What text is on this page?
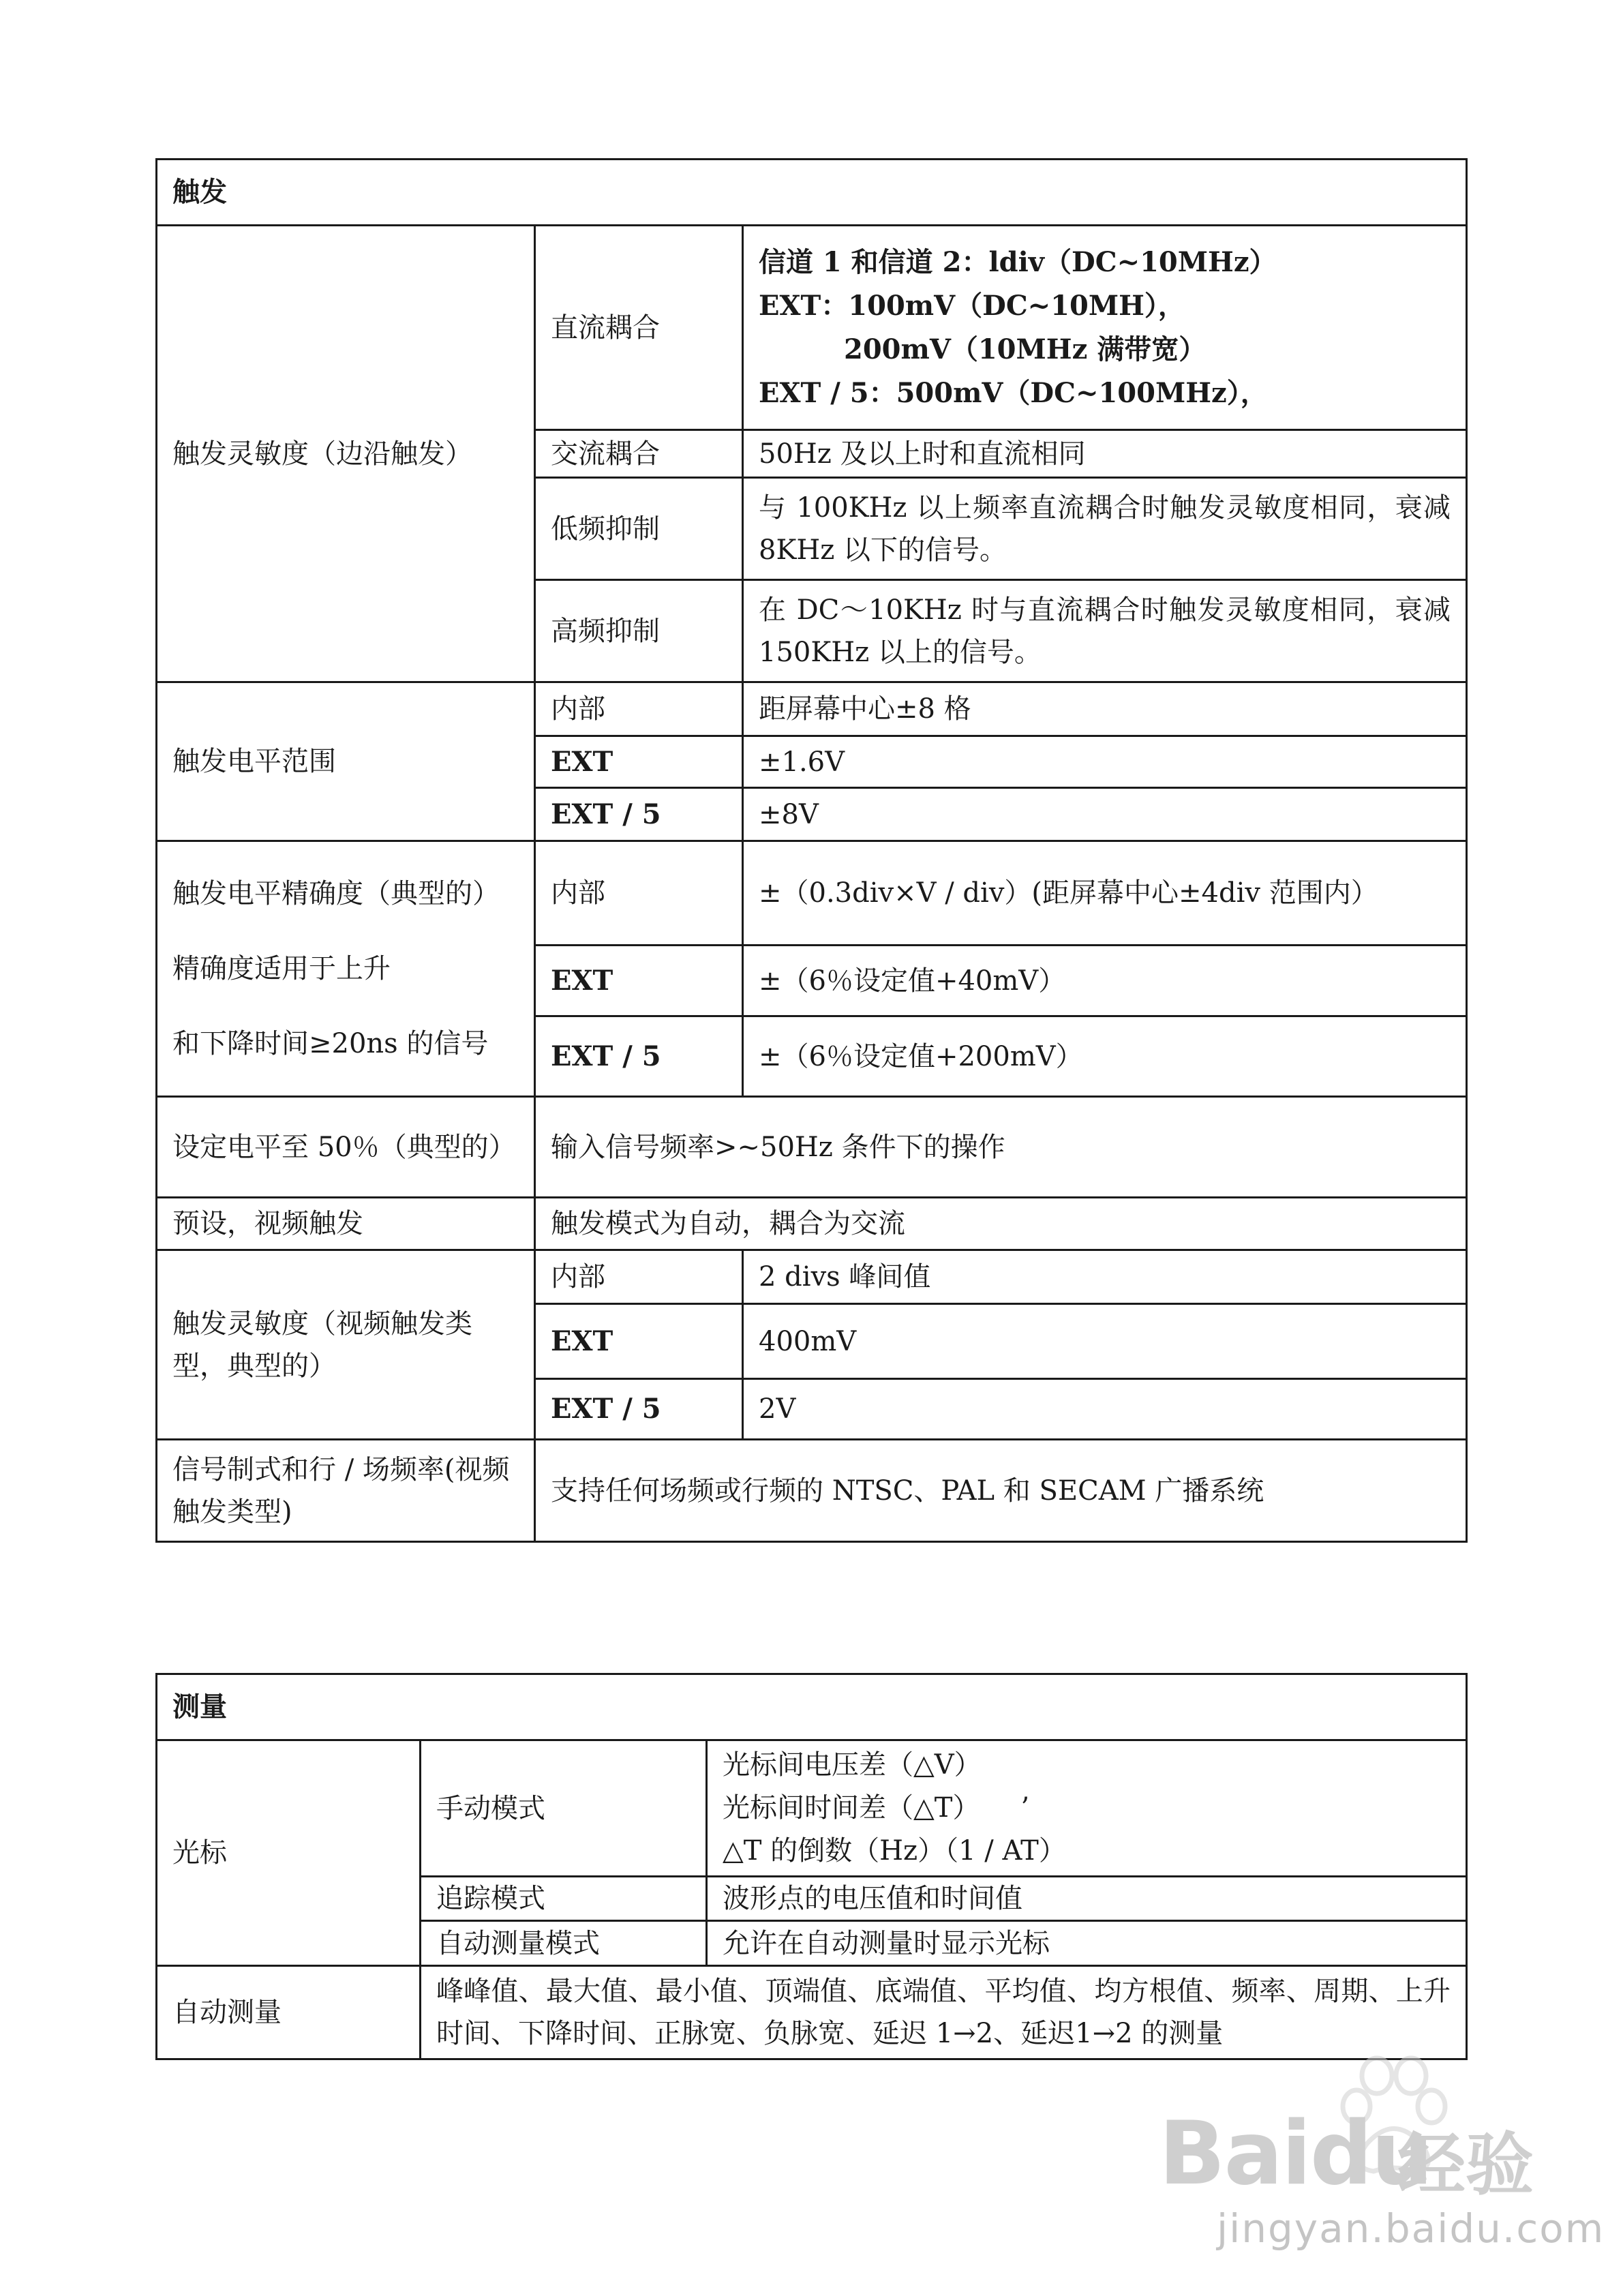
触发		
触发灵敏度（边沿触发）	直流耦合	信道 1 和信道 2：ldiv（DC~10MHz）
EXT：100mV（DC~10MH），
200mV（10MHz 满带宽）
EXT / 5：500mV（DC~100MHz），

	交流耦合	50Hz 及以上时和直流相同
	低频抑制	与 100KHz 以上频率直流耦合时触发灵敏度相同，衰减 8KHz 以下的信号。
	高频抑制	在 DC～10KHz 时与直流耦合时触发灵敏度相同，衰减 150KHz 以上的信号。
触发电平范围	内部	距屏幕中心±8 格
	EXT	±1.6V
	EXT / 5	±8V

触发电平精确度（典型的）
精确度适用于上升
和下降时间≥20ns 的信号	内部	±（0.3div×V / div）(距屏幕中心±4div 范围内）
	EXT	±（6％设定值+40mV）
	EXT / 5	±（6％设定值+200mV）
设定电平至 50％（典型的）	输入信号频率>~50Hz 条件下的操作	
预设，视频触发	触发模式为自动，耦合为交流	
触发灵敏度（视频触发类型，典型的）	内部	2 divs 峰间值
	EXT	400mV
	EXT / 5	2V
信号制式和行 / 场频率(视频触发类型)	支持任何场频或行频的 NTSC、PAL 和 SECAM 广播系统	
测量		
光标	手动模式	光标间电压差（△V）
光标间时间差（△T）　　’
△T 的倒数（Hz）（1 / AT）

	追踪模式	波形点的电压值和时间值
	自动测量模式	允许在自动测量时显示光标
自动测量	峰峰值、最大值、最小值、顶端值、底端值、平均值、均方根值、频率、周期、上升时间、下降时间、正脉宽、负脉宽、延迟 1→2、延迟1→2 的测量	
Baidu
经验
jingyan.baidu.com
